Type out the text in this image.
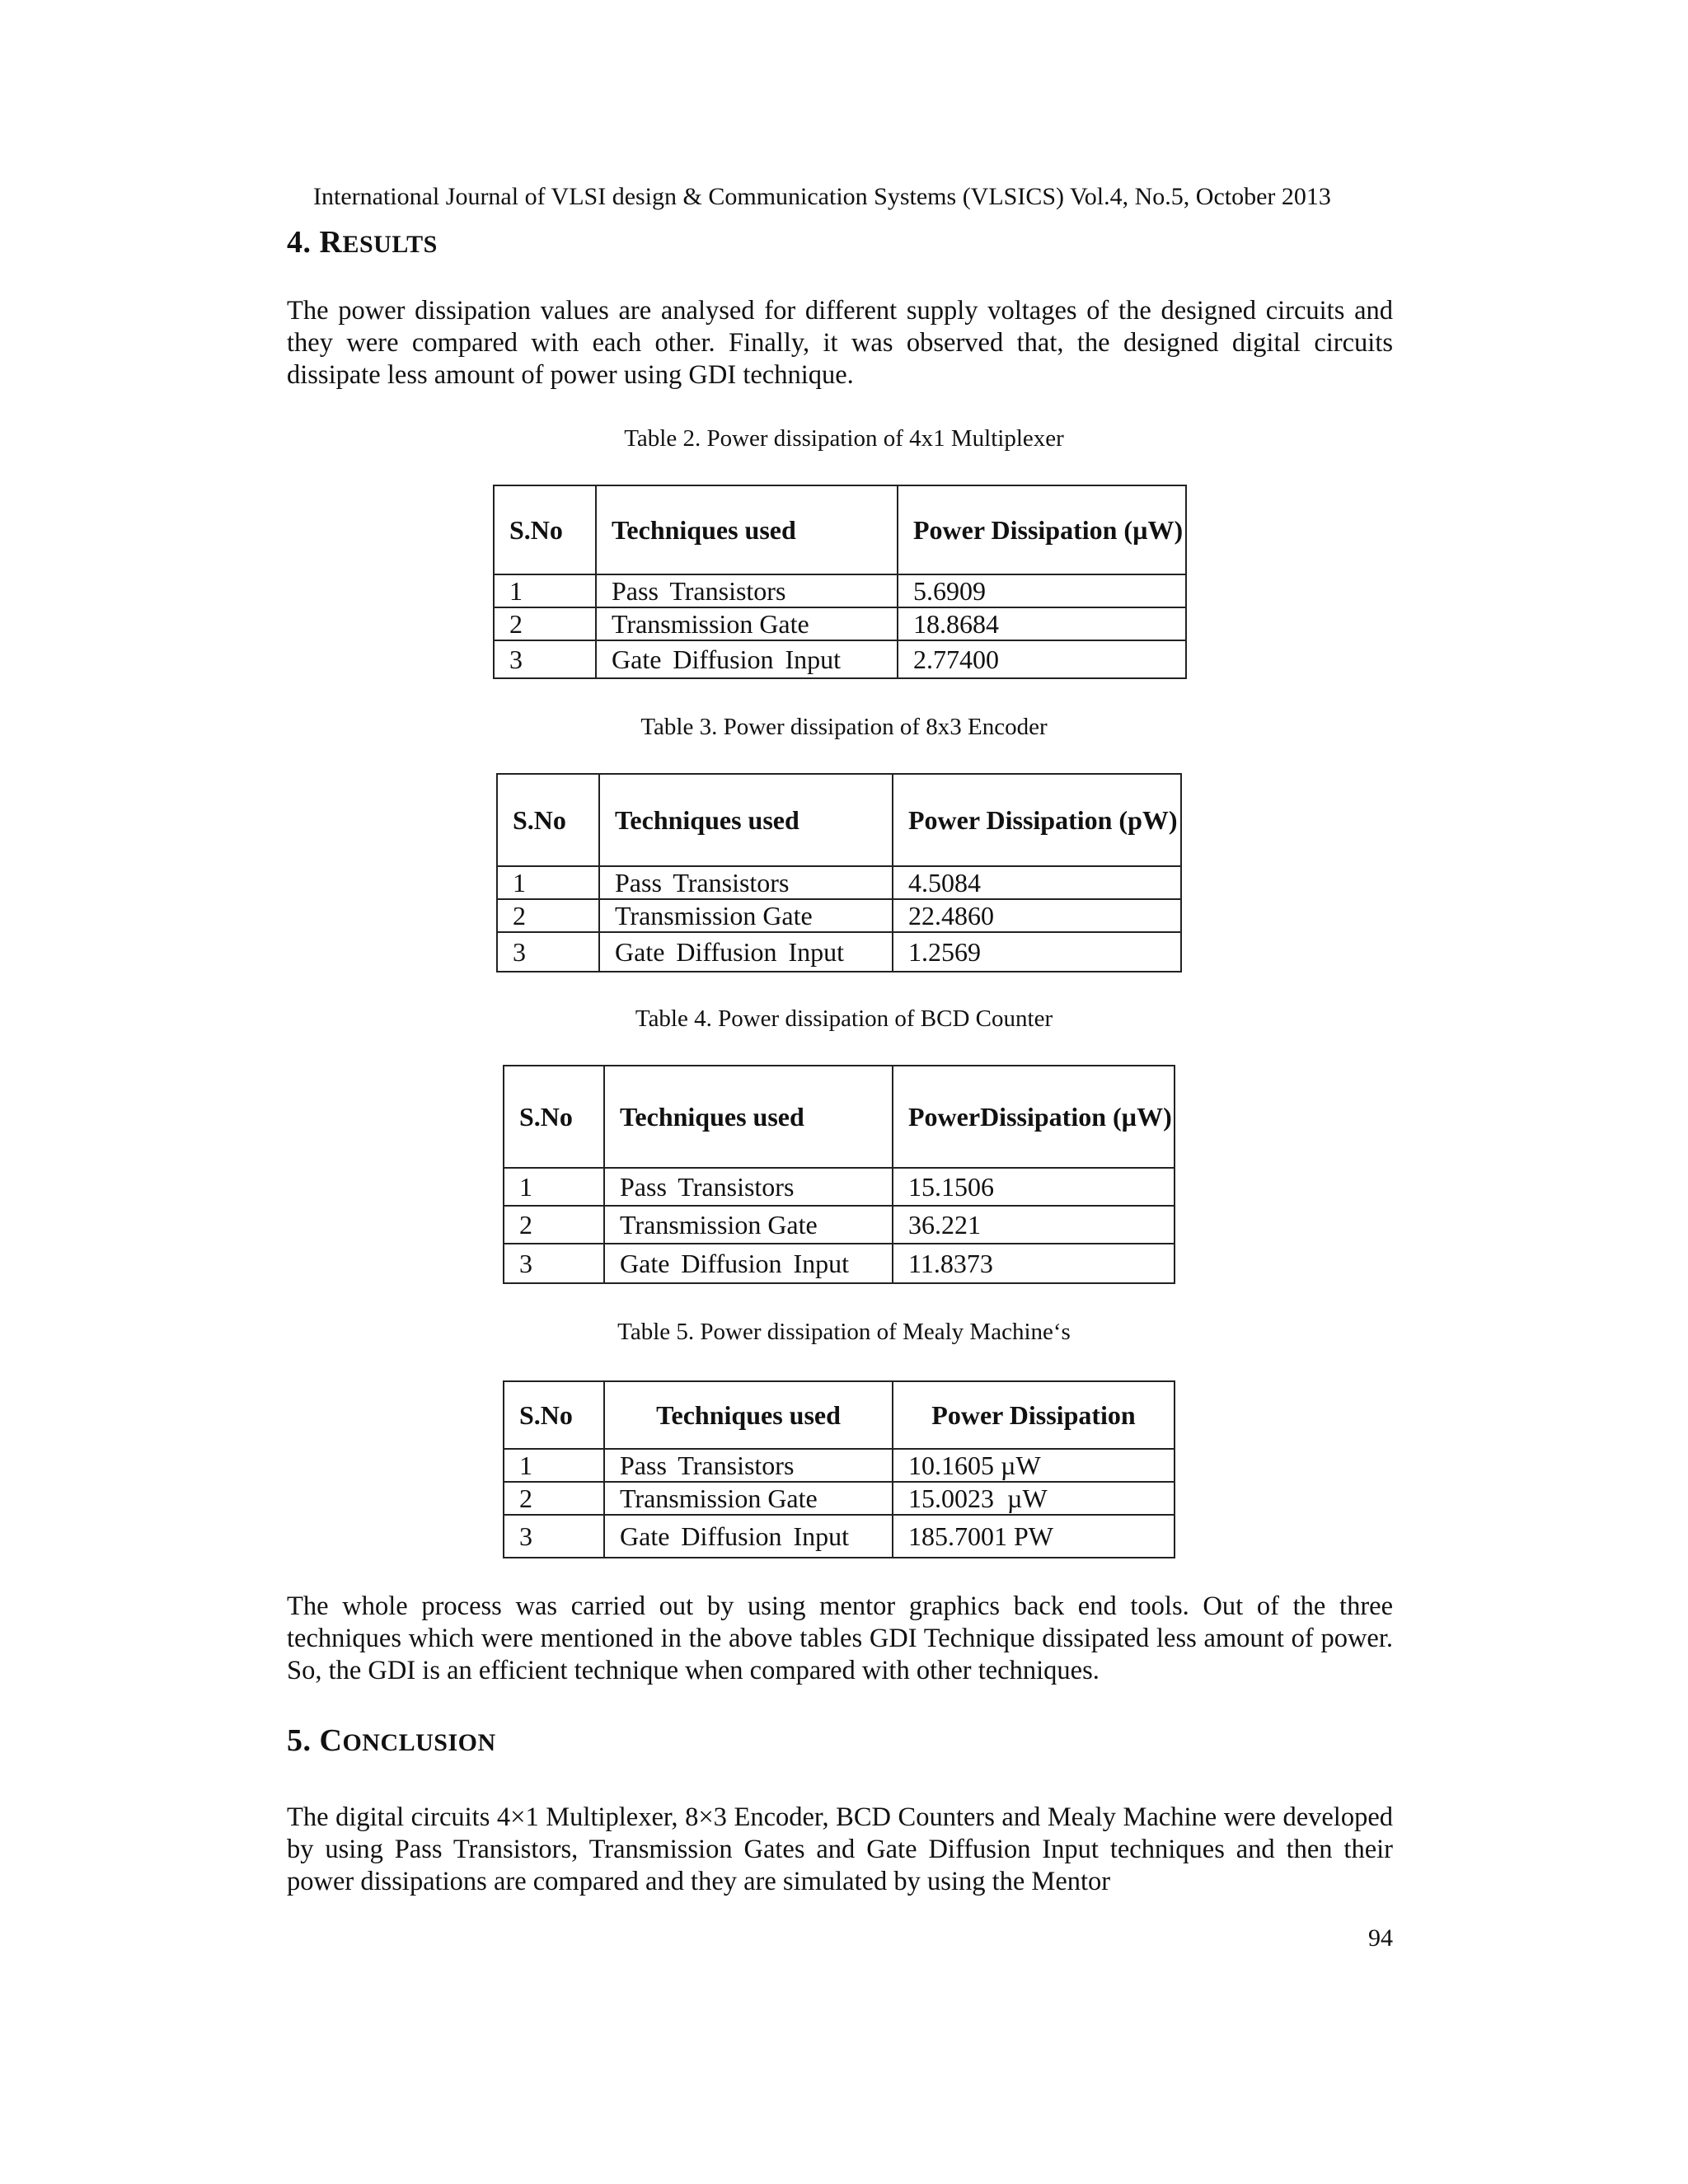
International Journal of VLSI design & Communication Systems (VLSICS) Vol.4, No.5, October 2013
4. RESULTS
The power dissipation values are analysed for different supply voltages of the designed circuits and they were compared with each other. Finally, it was observed that, the designed digital circuits dissipate less amount of power using GDI technique.
Table 2. Power dissipation of 4x1 Multiplexer
S.No	Techniques used	Power Dissipation (µW)
1	Pass Transistors	5.6909
2	Transmission Gate	18.8684
3	Gate Diffusion Input	2.77400
Table 3. Power dissipation of 8x3 Encoder
S.No	Techniques used	Power Dissipation (pW)
1	Pass Transistors	4.5084
2	Transmission Gate	22.4860
3	Gate Diffusion Input	1.2569
Table 4. Power dissipation of BCD Counter
S.No	Techniques used	PowerDissipation (µW)
1	Pass Transistors	15.1506
2	Transmission Gate	36.221
3	Gate Diffusion Input	11.8373
Table 5. Power dissipation of Mealy Machine‘s
S.No	Techniques used	Power Dissipation
1	Pass Transistors	10.1605 µW
2	Transmission Gate	15.0023  µW
3	Gate Diffusion Input	185.7001 PW
The whole process was carried out by using mentor graphics back end tools. Out of the three techniques which were mentioned in the above tables GDI Technique dissipated less amount of power. So, the GDI is an efficient technique when compared with other techniques.
5. CONCLUSION
The digital circuits 4×1 Multiplexer, 8×3 Encoder, BCD Counters and Mealy Machine were developed by using Pass Transistors, Transmission Gates and Gate Diffusion Input techniques and then their power dissipations are compared and they are simulated by using the Mentor
94
